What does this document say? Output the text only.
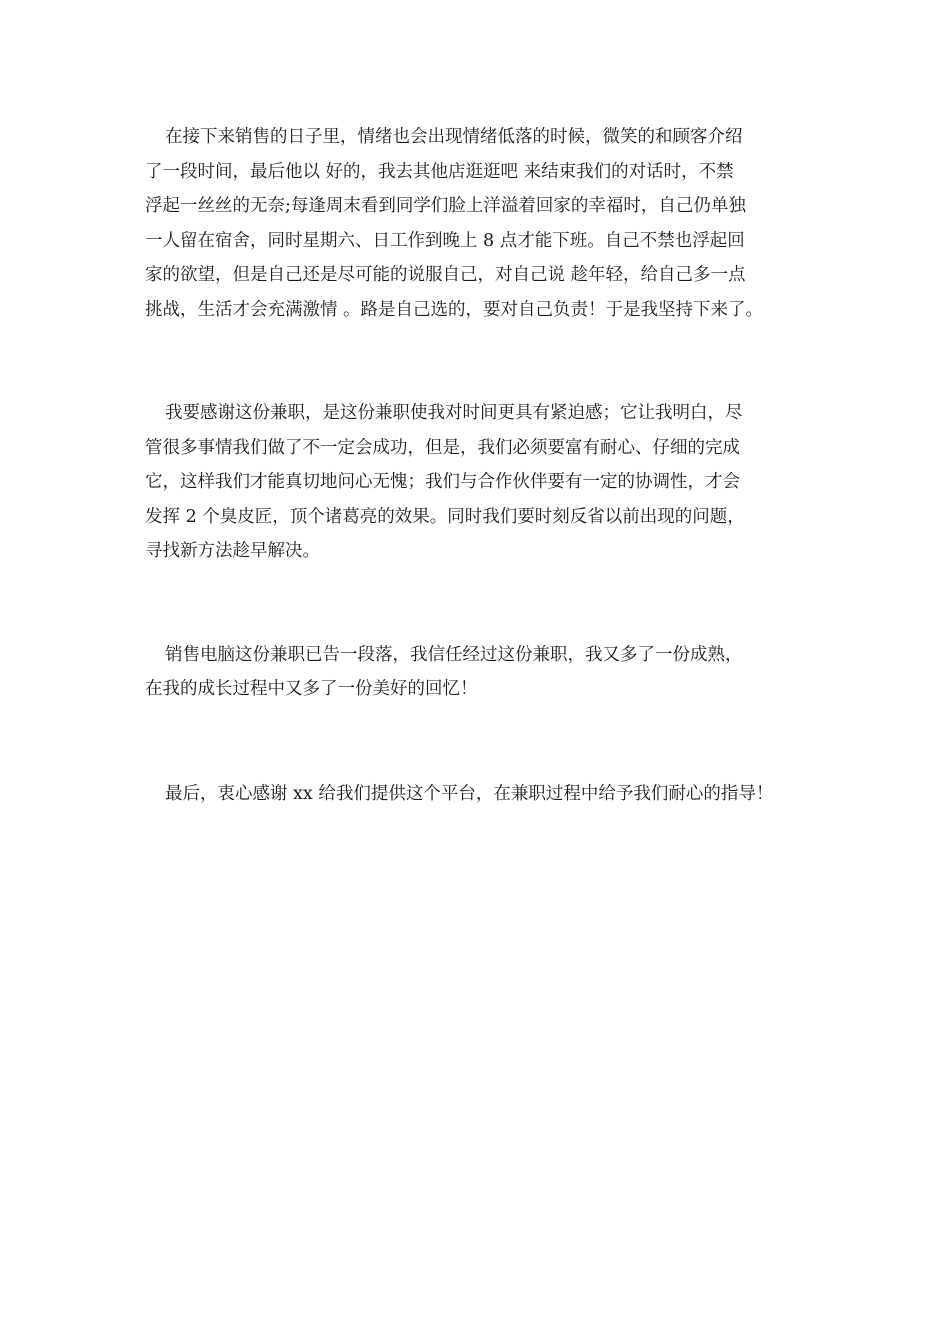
在接下来销售的日子里，情绪也会出现情绪低落的时候，微笑的和顾客介绍
了一段时间，最后他以 好的，我去其他店逛逛吧 来结束我们的对话时，不禁
浮起一丝丝的无奈;每逢周末看到同学们脸上洋溢着回家的幸福时，自己仍单独
一人留在宿舍，同时星期六、日工作到晚上 8 点才能下班。自己不禁也浮起回
家的欲望，但是自己还是尽可能的说服自己，对自己说 趁年轻，给自己多一点
挑战，生活才会充满激情 。路是自己选的，要对自己负责！于是我坚持下来了。
我要感谢这份兼职，是这份兼职使我对时间更具有紧迫感；它让我明白，尽
管很多事情我们做了不一定会成功，但是，我们必须要富有耐心、仔细的完成
它，这样我们才能真切地问心无愧；我们与合作伙伴要有一定的协调性，才会
发挥 2 个臭皮匠，顶个诸葛亮的效果。同时我们要时刻反省以前出现的问题，
寻找新方法趁早解决。
销售电脑这份兼职已告一段落，我信任经过这份兼职，我又多了一份成熟，
在我的成长过程中又多了一份美好的回忆！
最后，衷心感谢 xx 给我们提供这个平台，在兼职过程中给予我们耐心的指导！
